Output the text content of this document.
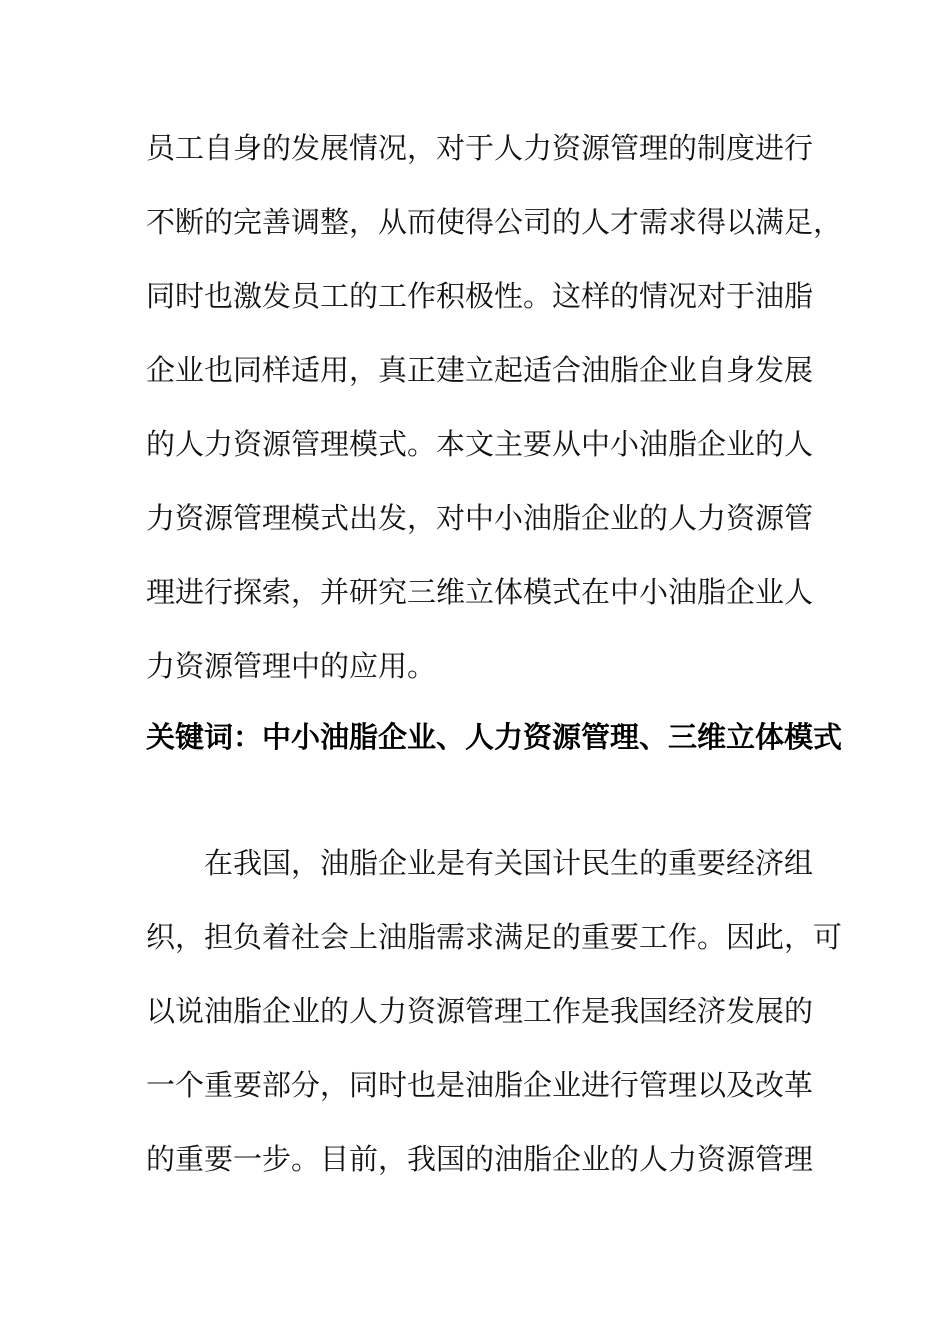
员工自身的发展情况，对于人力资源管理的制度进行

不断的完善调整，从而使得公司的人才需求得以满足，

同时也激发员工的工作积极性。这样的情况对于油脂

企业也同样适用，真正建立起适合油脂企业自身发展

的人力资源管理模式。本文主要从中小油脂企业的人

力资源管理模式出发，对中小油脂企业的人力资源管

理进行探索，并研究三维立体模式在中小油脂企业人

力资源管理中的应用。

关键词：中小油脂企业、人力资源管理、三维立体模式

在我国，油脂企业是有关国计民生的重要经济组

织，担负着社会上油脂需求满足的重要工作。因此，可

以说油脂企业的人力资源管理工作是我国经济发展的

一个重要部分，同时也是油脂企业进行管理以及改革

的重要一步。目前，我国的油脂企业的人力资源管理
